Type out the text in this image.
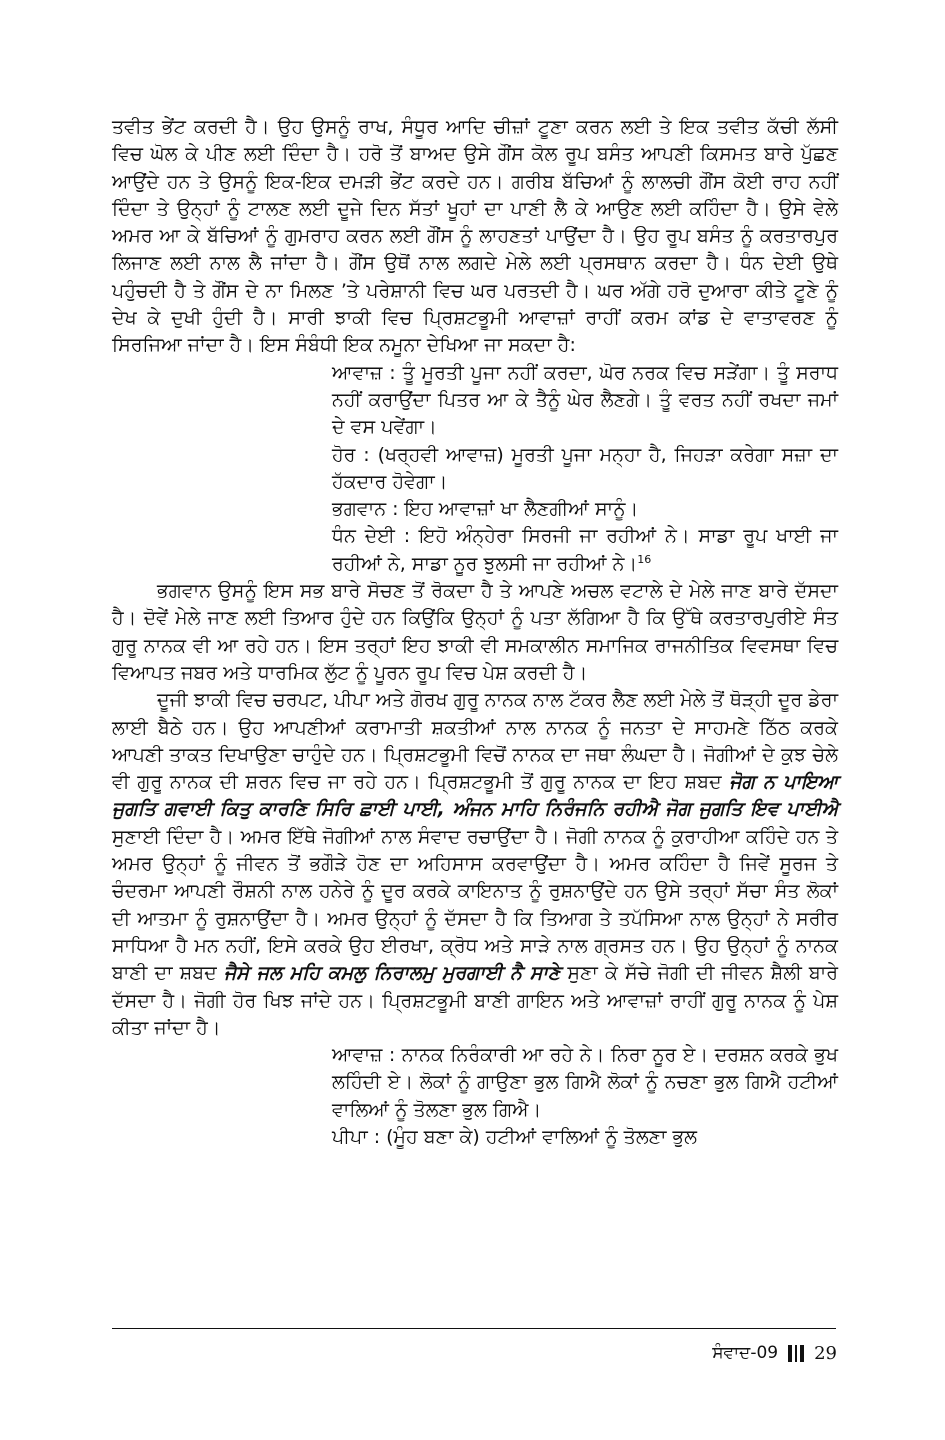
ਤਵੀਤ ਭੇਂਟ ਕਰਦੀ ਹੈ। ਉਹ ਉਸਨੂੰ ਰਾਖ, ਸੰਧੂਰ ਆਦਿ ਚੀਜ਼ਾਂ ਟੂਣਾ ਕਰਨ ਲਈ ਤੇ ਇਕ ਤਵੀਤ ਕੱਚੀ ਲੱਸੀ ਵਿਚ ਘੋਲ ਕੇ ਪੀਣ ਲਈ ਦਿੰਦਾ ਹੈ। ਹਰੋ ਤੋਂ ਬਾਅਦ ਉਸੇ ਗੌਂਸ ਕੋਲ ਰੂਪ ਬਸੰਤ ਆਪਣੀ ਕਿਸਮਤ ਬਾਰੇ ਪੁੱਛਣ ਆਉਂਦੇ ਹਨ ਤੇ ਉਸਨੂੰ ਇਕ-ਇਕ ਦਮੜੀ ਭੇਂਟ ਕਰਦੇ ਹਨ। ਗਰੀਬ ਬੱਚਿਆਂ ਨੂੰ ਲਾਲਚੀ ਗੌਂਸ ਕੋਈ ਰਾਹ ਨਹੀਂ ਦਿੰਦਾ ਤੇ ਉਨ੍ਹਾਂ ਨੂੰ ਟਾਲਣ ਲਈ ਦੂਜੇ ਦਿਨ ਸੱਤਾਂ ਖੂਹਾਂ ਦਾ ਪਾਣੀ ਲੈ ਕੇ ਆਉਣ ਲਈ ਕਹਿੰਦਾ ਹੈ। ਉਸੇ ਵੇਲੇ ਅਮਰ ਆ ਕੇ ਬੱਚਿਆਂ ਨੂੰ ਗੁਮਰਾਹ ਕਰਨ ਲਈ ਗੌਂਸ ਨੂੰ ਲਾਹਣਤਾਂ ਪਾਉਂਦਾ ਹੈ। ਉਹ ਰੂਪ ਬਸੰਤ ਨੂੰ ਕਰਤਾਰਪੁਰ ਲਿਜਾਣ ਲਈ ਨਾਲ ਲੈ ਜਾਂਦਾ ਹੈ। ਗੌਂਸ ਉਥੋਂ ਨਾਲ ਲਗਦੇ ਮੇਲੇ ਲਈ ਪ੍ਰਸਥਾਨ ਕਰਦਾ ਹੈ। ਧੰਨ ਦੇਈ ਉਥੇ ਪਹੁੰਚਦੀ ਹੈ ਤੇ ਗੌਂਸ ਦੇ ਨਾ ਮਿਲਣ ’ਤੇ ਪਰੇਸ਼ਾਨੀ ਵਿਚ ਘਰ ਪਰਤਦੀ ਹੈ। ਘਰ ਅੱਗੇ ਹਰੋ ਦੁਆਰਾ ਕੀਤੇ ਟੂਣੇ ਨੂੰ ਦੇਖ ਕੇ ਦੁਖੀ ਹੁੰਦੀ ਹੈ। ਸਾਰੀ ਝਾਕੀ ਵਿਚ ਪ੍ਰਿਸ਼ਟਭੂਮੀ ਆਵਾਜ਼ਾਂ ਰਾਹੀਂ ਕਰਮ ਕਾਂਡ ਦੇ ਵਾਤਾਵਰਣ ਨੂੰ ਸਿਰਜਿਆ ਜਾਂਦਾ ਹੈ। ਇਸ ਸੰਬੰਧੀ ਇਕ ਨਮੂਨਾ ਦੇਖਿਆ ਜਾ ਸਕਦਾ ਹੈ:

ਆਵਾਜ਼ : ਤੂੰ ਮੂਰਤੀ ਪੂਜਾ ਨਹੀਂ ਕਰਦਾ, ਘੋਰ ਨਰਕ ਵਿਚ ਸੜੇਂਗਾ। ਤੂੰ ਸਰਾਧ ਨਹੀਂ ਕਰਾਉਂਦਾ ਪਿਤਰ ਆ ਕੇ ਤੈਨੂੰ ਘੇਰ ਲੈਣਗੇ। ਤੂੰ ਵਰਤ ਨਹੀਂ ਰਖਦਾ ਜਮਾਂ ਦੇ ਵਸ ਪਵੇਂਗਾ।

ਹੋਰ : (ਖਰ੍ਹਵੀ ਆਵਾਜ਼) ਮੂਰਤੀ ਪੂਜਾ ਮਨ੍ਹਾ ਹੈ, ਜਿਹੜਾ ਕਰੇਗਾ ਸਜ਼ਾ ਦਾ ਹੱਕਦਾਰ ਹੋਵੇਗਾ।

ਭਗਵਾਨ : ਇਹ ਆਵਾਜ਼ਾਂ ਖਾ ਲੈਣਗੀਆਂ ਸਾਨੂੰ।

ਧੰਨ ਦੇਈ : ਇਹੋ ਅੰਨ੍ਹੇਰਾ ਸਿਰਜੀ ਜਾ ਰਹੀਆਂ ਨੇ। ਸਾਡਾ ਰੂਪ ਖਾਈ ਜਾ ਰਹੀਆਂ ਨੇ, ਸਾਡਾ ਨੂਰ ਝੁਲਸੀ ਜਾ ਰਹੀਆਂ ਨੇ।$^{16}$

ਭਗਵਾਨ ਉਸਨੂੰ ਇਸ ਸਭ ਬਾਰੇ ਸੋਚਣ ਤੋਂ ਰੋਕਦਾ ਹੈ ਤੇ ਆਪਣੇ ਅਚਲ ਵਟਾਲੇ ਦੇ ਮੇਲੇ ਜਾਣ ਬਾਰੇ ਦੱਸਦਾ ਹੈ। ਦੋਵੇਂ ਮੇਲੇ ਜਾਣ ਲਈ ਤਿਆਰ ਹੁੰਦੇ ਹਨ ਕਿਉਂਕਿ ਉਨ੍ਹਾਂ ਨੂੰ ਪਤਾ ਲੱਗਿਆ ਹੈ ਕਿ ਉੱਥੇ ਕਰਤਾਰਪੁਰੀਏ ਸੰਤ ਗੁਰੂ ਨਾਨਕ ਵੀ ਆ ਰਹੇ ਹਨ। ਇਸ ਤਰ੍ਹਾਂ ਇਹ ਝਾਕੀ ਵੀ ਸਮਕਾਲੀਨ ਸਮਾਜਿਕ ਰਾਜਨੀਤਿਕ ਵਿਵਸਥਾ ਵਿਚ ਵਿਆਪਤ ਜਬਰ ਅਤੇ ਧਾਰਮਿਕ ਲੁੱਟ ਨੂੰ ਪੂਰਨ ਰੂਪ ਵਿਚ ਪੇਸ਼ ਕਰਦੀ ਹੈ।

ਦੂਜੀ ਝਾਕੀ ਵਿਚ ਚਰਪਟ, ਪੀਪਾ ਅਤੇ ਗੋਰਖ ਗੁਰੂ ਨਾਨਕ ਨਾਲ ਟੱਕਰ ਲੈਣ ਲਈ ਮੇਲੇ ਤੋਂ ਥੋੜ੍ਹੀ ਦੂਰ ਡੇਰਾ ਲਾਈ ਬੈਠੇ ਹਨ। ਉਹ ਆਪਣੀਆਂ ਕਰਾਮਾਤੀ ਸ਼ਕਤੀਆਂ ਨਾਲ ਨਾਨਕ ਨੂੰ ਜਨਤਾ ਦੇ ਸਾਹਮਣੇ ਠਿੱਠ ਕਰਕੇ ਆਪਣੀ ਤਾਕਤ ਦਿਖਾਉਣਾ ਚਾਹੁੰਦੇ ਹਨ। ਪ੍ਰਿਸ਼ਟਭੂਮੀ ਵਿਚੋਂ ਨਾਨਕ ਦਾ ਜਥਾ ਲੰਘਦਾ ਹੈ। ਜੋਗੀਆਂ ਦੇ ਕੁਝ ਚੇਲੇ ਵੀ ਗੁਰੂ ਨਾਨਕ ਦੀ ਸ਼ਰਨ ਵਿਚ ਜਾ ਰਹੇ ਹਨ। ਪ੍ਰਿਸ਼ਟਭੂਮੀ ਤੋਂ ਗੁਰੂ ਨਾਨਕ ਦਾ ਇਹ ਸ਼ਬਦ ਜੋਗ ਨ ਪਾਇਆ ਜੁਗਤਿ ਗਵਾਈ ਕਿਤੁ ਕਾਰਣਿ ਸਿਰਿ ਛਾਈ ਪਾਈ, ਅੰਜਨ ਮਾਹਿ ਨਿਰੰਜਨਿ ਰਹੀਐ ਜੋਗ ਜੁਗਤਿ ਇਵ ਪਾਈਐ ਸੁਣਾਈ ਦਿੰਦਾ ਹੈ। ਅਮਰ ਇੱਥੇ ਜੋਗੀਆਂ ਨਾਲ ਸੰਵਾਦ ਰਚਾਉਂਦਾ ਹੈ। ਜੋਗੀ ਨਾਨਕ ਨੂੰ ਕੁਰਾਹੀਆ ਕਹਿੰਦੇ ਹਨ ਤੇ ਅਮਰ ਉਨ੍ਹਾਂ ਨੂੰ ਜੀਵਨ ਤੋਂ ਭਗੌੜੇ ਹੋਣ ਦਾ ਅਹਿਸਾਸ ਕਰਵਾਉਂਦਾ ਹੈ। ਅਮਰ ਕਹਿੰਦਾ ਹੈ ਜਿਵੇਂ ਸੂਰਜ ਤੇ ਚੰਦਰਮਾ ਆਪਣੀ ਰੌਸ਼ਨੀ ਨਾਲ ਹਨੇਰੇ ਨੂੰ ਦੂਰ ਕਰਕੇ ਕਾਇਨਾਤ ਨੂੰ ਰੁਸ਼ਨਾਉਂਦੇ ਹਨ ਉਸੇ ਤਰ੍ਹਾਂ ਸੱਚਾ ਸੰਤ ਲੋਕਾਂ ਦੀ ਆਤਮਾ ਨੂੰ ਰੁਸ਼ਨਾਉਂਦਾ ਹੈ। ਅਮਰ ਉਨ੍ਹਾਂ ਨੂੰ ਦੱਸਦਾ ਹੈ ਕਿ ਤਿਆਗ ਤੇ ਤਪੱਸਿਆ ਨਾਲ ਉਨ੍ਹਾਂ ਨੇ ਸਰੀਰ ਸਾਧਿਆ ਹੈ ਮਨ ਨਹੀਂ, ਇਸੇ ਕਰਕੇ ਉਹ ਈਰਖਾ, ਕ੍ਰੋਧ ਅਤੇ ਸਾੜੇ ਨਾਲ ਗ੍ਰਸਤ ਹਨ। ਉਹ ਉਨ੍ਹਾਂ ਨੂੰ ਨਾਨਕ ਬਾਣੀ ਦਾ ਸ਼ਬਦ ਜੈਸੇ ਜਲ ਮਹਿ ਕਮਲੁ ਨਿਰਾਲਮੁ ਮੁਰਗਾਈ ਨੈ ਸਾਣੇ ਸੁਣਾ ਕੇ ਸੱਚੇ ਜੋਗੀ ਦੀ ਜੀਵਨ ਸ਼ੈਲੀ ਬਾਰੇ ਦੱਸਦਾ ਹੈ। ਜੋਗੀ ਹੋਰ ਖਿਝ ਜਾਂਦੇ ਹਨ। ਪ੍ਰਿਸ਼ਟਭੂਮੀ ਬਾਣੀ ਗਾਇਨ ਅਤੇ ਆਵਾਜ਼ਾਂ ਰਾਹੀਂ ਗੁਰੂ ਨਾਨਕ ਨੂੰ ਪੇਸ਼ ਕੀਤਾ ਜਾਂਦਾ ਹੈ।

ਆਵਾਜ਼ : ਨਾਨਕ ਨਿਰੰਕਾਰੀ ਆ ਰਹੇ ਨੇ। ਨਿਰਾ ਨੂਰ ਏ। ਦਰਸ਼ਨ ਕਰਕੇ ਭੁਖ ਲਹਿੰਦੀ ਏ। ਲੋਕਾਂ ਨੂੰ ਗਾਉਣਾ ਭੁਲ ਗਿਐ ਲੋਕਾਂ ਨੂੰ ਨਚਣਾ ਭੁਲ ਗਿਐ ਹਟੀਆਂ ਵਾਲਿਆਂ ਨੂੰ ਤੋਲਣਾ ਭੁਲ ਗਿਐ।

ਪੀਪਾ : (ਮੂੰਹ ਬਣਾ ਕੇ) ਹਟੀਆਂ ਵਾਲਿਆਂ ਨੂੰ ਤੋਲਣਾ ਭੁਲ

ਸੰਵਾਦ-09 29
